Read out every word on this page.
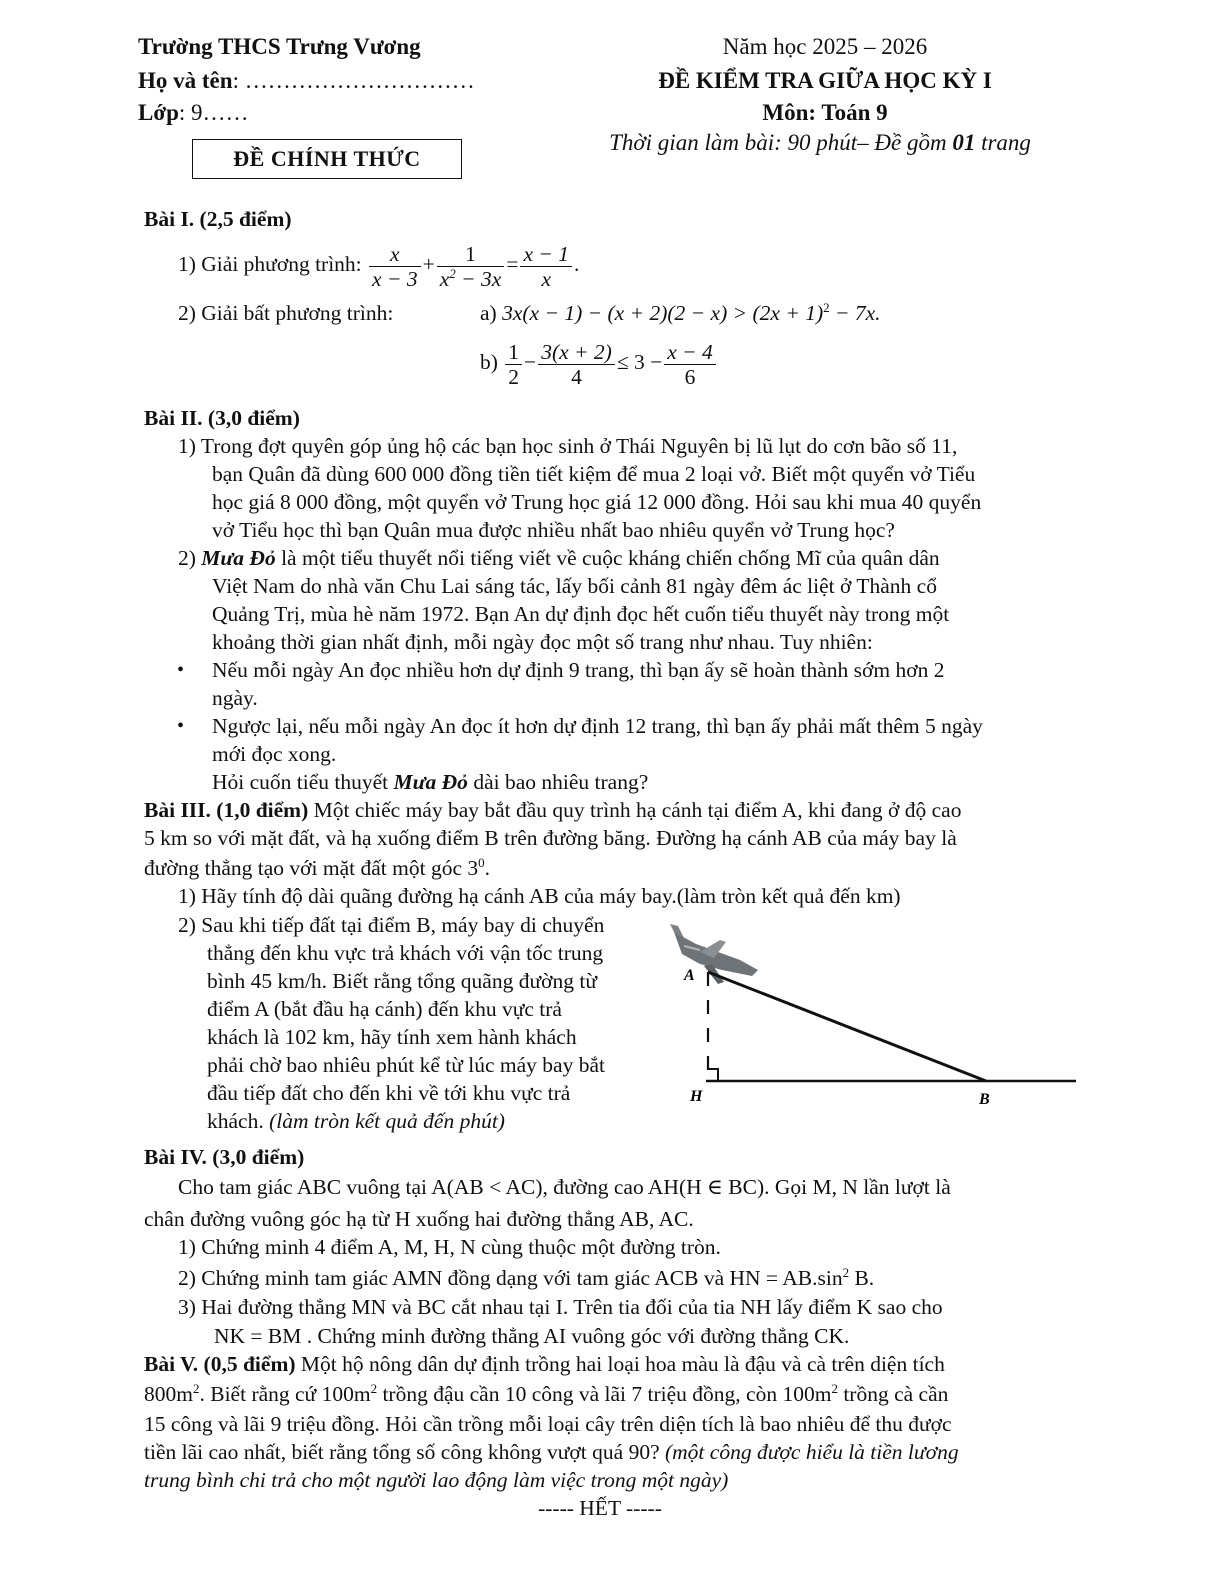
Trường THCS Trưng Vương
Họ và tên: …………………………
Lớp: 9……
Năm học 2025 – 2026
ĐỀ KIỂM TRA GIỮA HỌC KỲ I
Môn: Toán 9
Thời gian làm bài: 90 phút– Đề gồm 01 trang
ĐỀ CHÍNH THỨC
Bài I. (2,5 điểm)
1) Giải phương trình: $\frac{x}{x - 3} + \frac{1}{x^2 - 3x} = \frac{x - 1}{x}$ .
2) Giải bất phương trình:	a) $3x(x - 1) - (x + 2)(2 - x) > (2x + 1)^2 - 7x$.
$b) \frac{1}{2} - \frac{3(x + 2)}{4} \le 3 - \frac{x - 4}{6}$
Bài II. (3,0 điểm)
1) Trong đợt quyên góp ủng hộ các bạn học sinh ở Thái Nguyên bị lũ lụt do cơn bão số 11,
bạn Quân đã dùng 600 000 đồng tiền tiết kiệm để mua 2 loại vở. Biết một quyển vở Tiểu
học giá 8 000 đồng, một quyển vở Trung học giá 12 000 đồng. Hỏi sau khi mua 40 quyển
vở Tiểu học thì bạn Quân mua được nhiều nhất bao nhiêu quyển vở Trung học?
2) Mưa Đỏ là một tiểu thuyết nổi tiếng viết về cuộc kháng chiến chống Mĩ của quân dân
Việt Nam do nhà văn Chu Lai sáng tác, lấy bối cảnh 81 ngày đêm ác liệt ở Thành cổ
Quảng Trị, mùa hè năm 1972. Bạn An dự định đọc hết cuốn tiểu thuyết này trong một
khoảng thời gian nhất định, mỗi ngày đọc một số trang như nhau. Tuy nhiên:
• Nếu mỗi ngày An đọc nhiều hơn dự định 9 trang, thì bạn ấy sẽ hoàn thành sớm hơn 2
ngày.
• Ngược lại, nếu mỗi ngày An đọc ít hơn dự định 12 trang, thì bạn ấy phải mất thêm 5 ngày
mới đọc xong.
Hỏi cuốn tiểu thuyết Mưa Đỏ dài bao nhiêu trang?
Bài III. (1,0 điểm) Một chiếc máy bay bắt đầu quy trình hạ cánh tại điểm A, khi đang ở độ cao
5 km so với mặt đất, và hạ xuống điểm B trên đường băng. Đường hạ cánh AB của máy bay là
đường thẳng tạo với mặt đất một góc $3^0$.
1) Hãy tính độ dài quãng đường hạ cánh AB của máy bay.(làm tròn kết quả đến km)
2) Sau khi tiếp đất tại điểm B, máy bay di chuyển
thẳng đến khu vực trả khách với vận tốc trung
bình 45 km/h. Biết rằng tổng quãng đường từ
điểm A (bắt đầu hạ cánh) đến khu vực trả
khách là 102 km, hãy tính xem hành khách
phải chờ bao nhiêu phút kể từ lúc máy bay bắt
đầu tiếp đất cho đến khi về tới khu vực trả
khách. (làm tròn kết quả đến phút)
A
H	B
Bài IV. (3,0 điểm)
Cho tam giác ABC vuông tại A(AB < AC), đường cao AH(H ∈ BC). Gọi M, N lần lượt là
chân đường vuông góc hạ từ H xuống hai đường thẳng AB, AC.
1) Chứng minh 4 điểm A, M, H, N cùng thuộc một đường tròn.
2) Chứng minh tam giác AMN đồng dạng với tam giác ACB và HN = $AB.\sin^2$ B.
3) Hai đường thẳng MN và BC cắt nhau tại I. Trên tia đối của tia NH lấy điểm K sao cho
NK = BM . Chứng minh đường thẳng AI vuông góc với đường thẳng CK.
Bài V. (0,5 điểm) Một hộ nông dân dự định trồng hai loại hoa màu là đậu và cà trên diện tích
$800m^2$. Biết rằng cứ $100m^2$ trồng đậu cần 10 công và lãi 7 triệu đồng, còn $100m^2$ trồng cà cần
15 công và lãi 9 triệu đồng. Hỏi cần trồng mỗi loại cây trên diện tích là bao nhiêu để thu được
tiền lãi cao nhất, biết rằng tổng số công không vượt quá 90? (một công được hiểu là tiền lương
trung bình chi trả cho một người lao động làm việc trong một ngày)
----- HẾT -----
